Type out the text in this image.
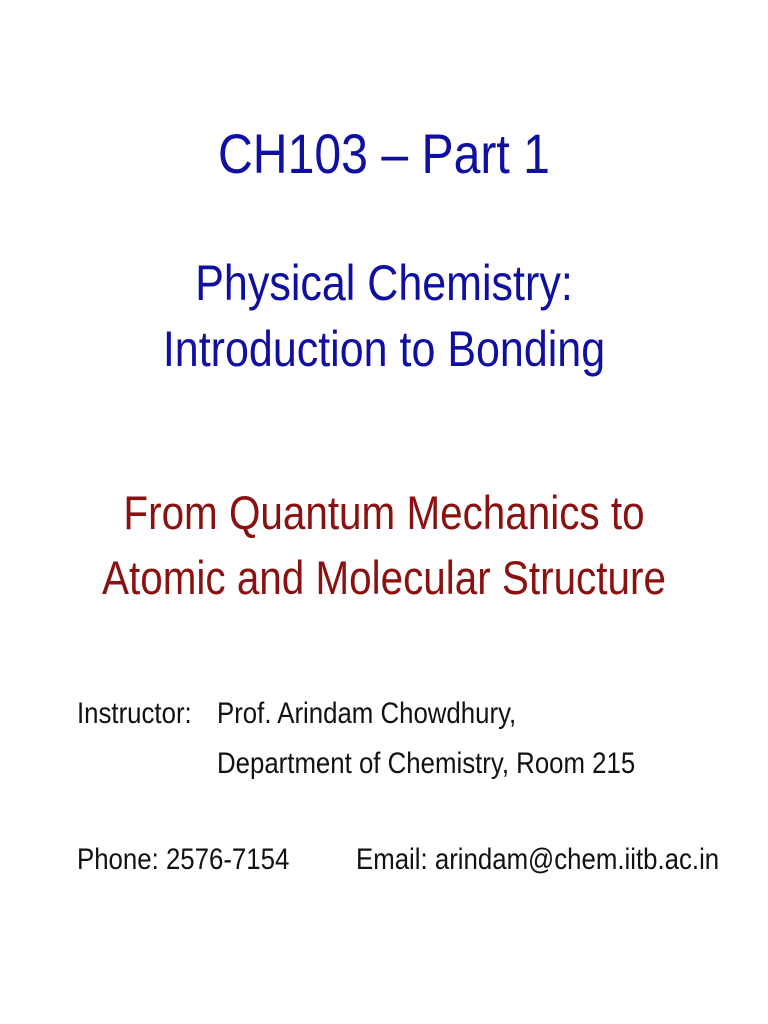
CH103 – Part 1
Physical Chemistry:
Introduction to Bonding
From Quantum Mechanics to
Atomic and Molecular Structure
Instructor: Prof. Arindam Chowdhury,
Department of Chemistry, Room 215
Phone: 2576-7154 Email: arindam@chem.iitb.ac.in
